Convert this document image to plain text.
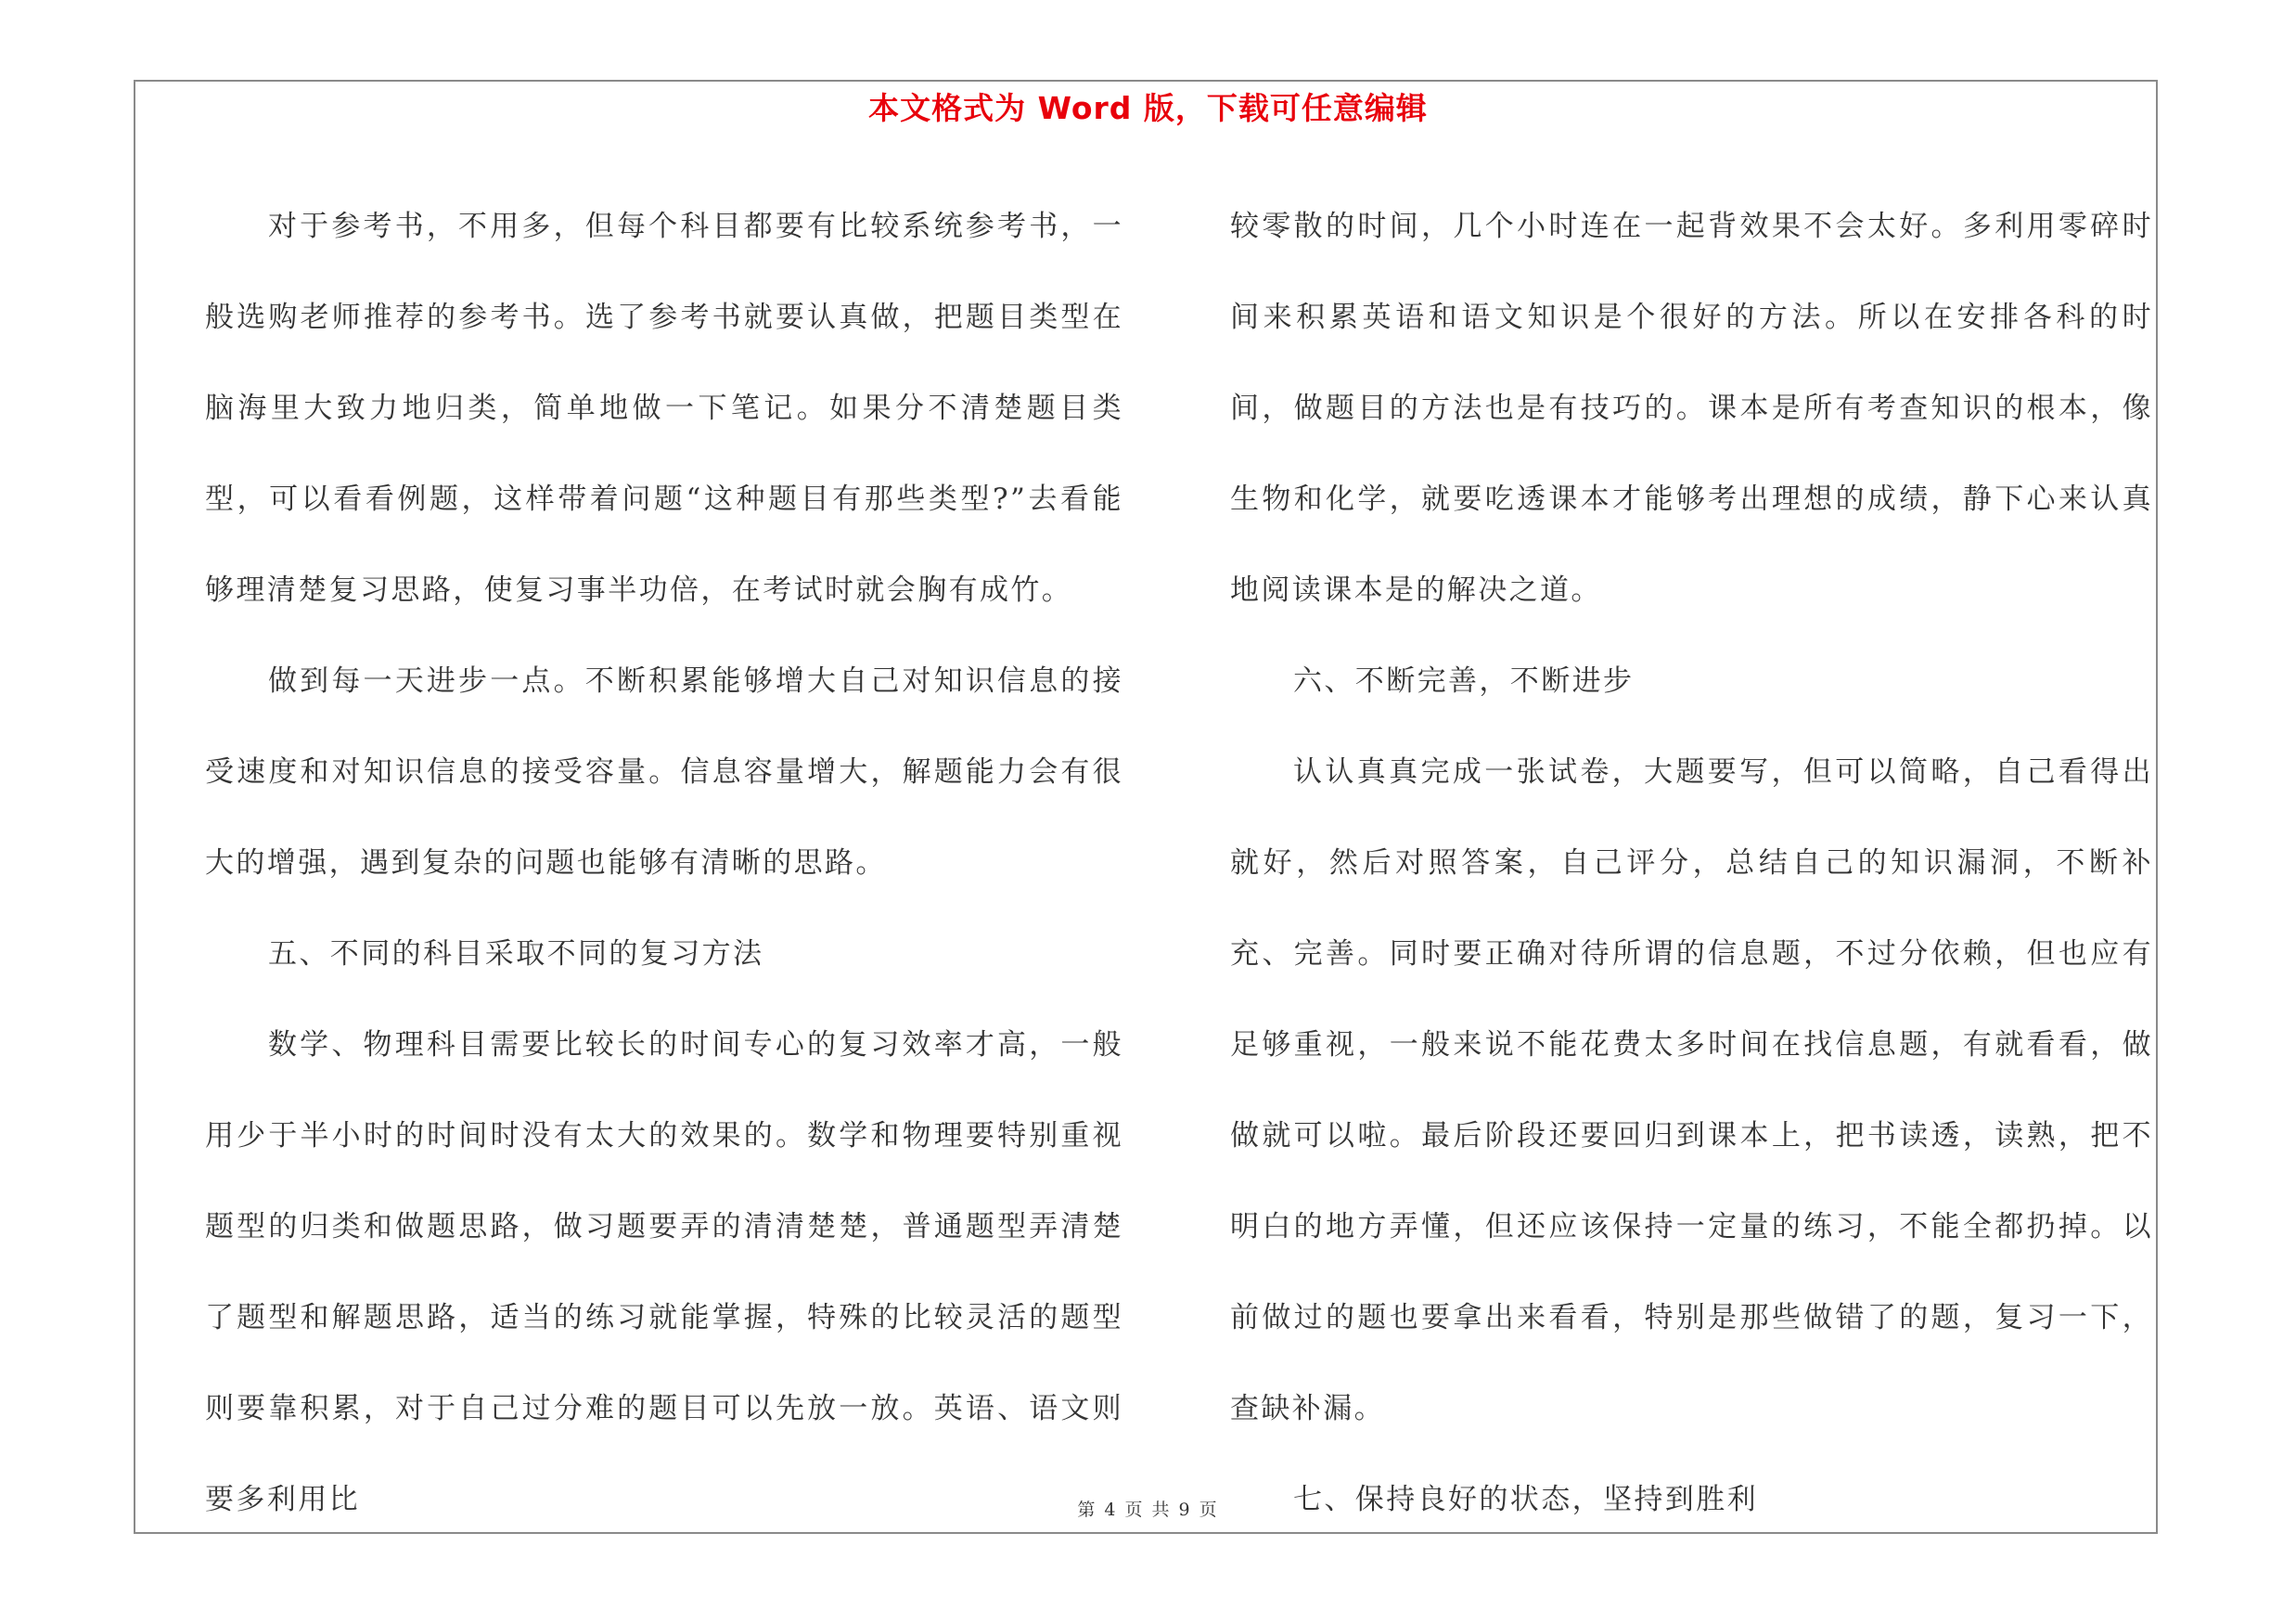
本文格式为 Word 版，下载可任意编辑

对于参考书，不用多，但每个科目都要有比较系统参考书，一般选购老师推荐的参考书。选了参考书就要认真做，把题目类型在脑海里大致力地归类，简单地做一下笔记。如果分不清楚题目类型，可以看看例题，这样带着问题“这种题目有那些类型?”去看能够理清楚复习思路，使复习事半功倍，在考试时就会胸有成竹。

做到每一天进步一点。不断积累能够增大自己对知识信息的接受速度和对知识信息的接受容量。信息容量增大，解题能力会有很大的增强，遇到复杂的问题也能够有清晰的思路。

五、不同的科目采取不同的复习方法

数学、物理科目需要比较长的时间专心的复习效率才高，一般用少于半小时的时间时没有太大的效果的。数学和物理要特别重视题型的归类和做题思路，做习题要弄的清清楚楚，普通题型弄清楚了题型和解题思路，适当的练习就能掌握，特殊的比较灵活的题型则要靠积累，对于自己过分难的题目可以先放一放。英语、语文则要多利用比

较零散的时间，几个小时连在一起背效果不会太好。多利用零碎时间来积累英语和语文知识是个很好的方法。所以在安排各科的时间，做题目的方法也是有技巧的。课本是所有考查知识的根本，像生物和化学，就要吃透课本才能够考出理想的成绩，静下心来认真地阅读课本是的解决之道。

六、不断完善，不断进步

认认真真完成一张试卷，大题要写，但可以简略，自己看得出就好，然后对照答案，自己评分，总结自己的知识漏洞，不断补充、完善。同时要正确对待所谓的信息题，不过分依赖，但也应有足够重视，一般来说不能花费太多时间在找信息题，有就看看，做做就可以啦。最后阶段还要回归到课本上，把书读透，读熟，把不明白的地方弄懂，但还应该保持一定量的练习，不能全都扔掉。以前做过的题也要拿出来看看，特别是那些做错了的题，复习一下，查缺补漏。

七、保持良好的状态，坚持到胜利

第 4 页 共 9 页
